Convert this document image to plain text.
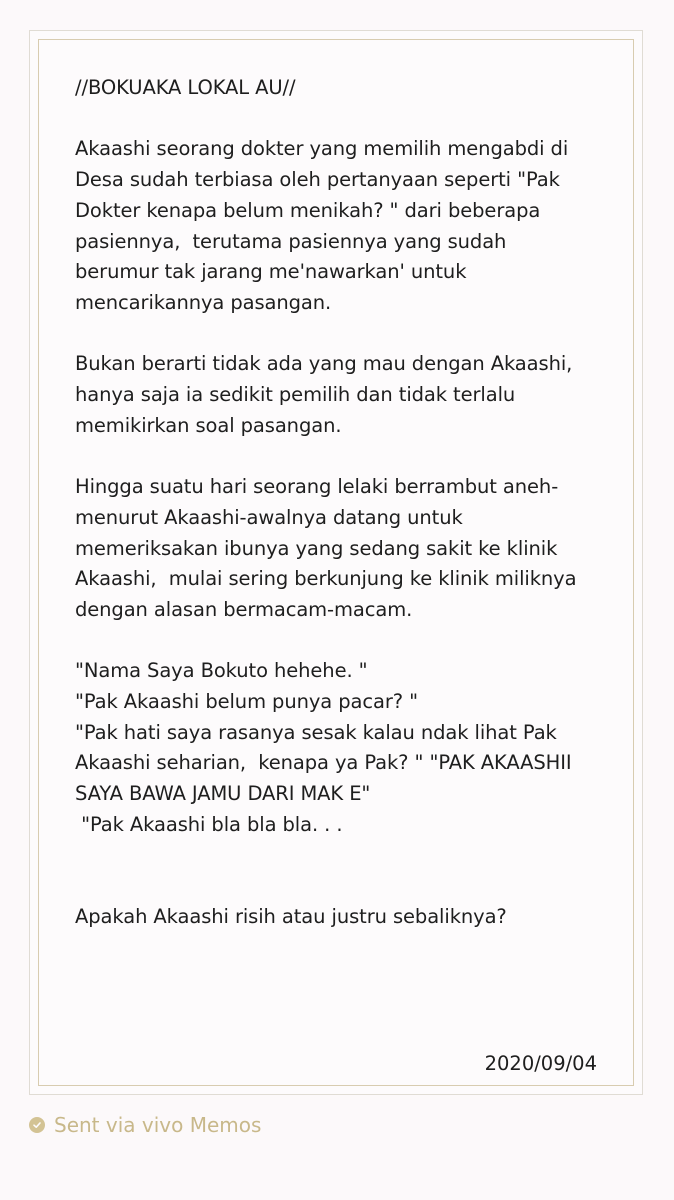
//BOKUAKA LOKAL AU//

Akaashi seorang dokter yang memilih mengabdi di Desa sudah terbiasa oleh pertanyaan seperti "Pak Dokter kenapa belum menikah? " dari beberapa pasiennya,  terutama pasiennya yang sudah berumur tak jarang me'nawarkan' untuk mencarikannya pasangan.

Bukan berarti tidak ada yang mau dengan Akaashi, hanya saja ia sedikit pemilih dan tidak terlalu memikirkan soal pasangan.

Hingga suatu hari seorang lelaki berrambut aneh-menurut Akaashi-awalnya datang untuk memeriksakan ibunya yang sedang sakit ke klinik Akaashi,  mulai sering berkunjung ke klinik miliknya dengan alasan bermacam-macam.

"Nama Saya Bokuto hehehe. "
"Pak Akaashi belum punya pacar? "
"Pak hati saya rasanya sesak kalau ndak lihat Pak Akaashi seharian,  kenapa ya Pak? " "PAK AKAASHII SAYA BAWA JAMU DARI MAK E"
"Pak Akaashi bla bla bla. . .

Apakah Akaashi risih atau justru sebaliknya?
2020/09/04
Sent via vivo Memos
